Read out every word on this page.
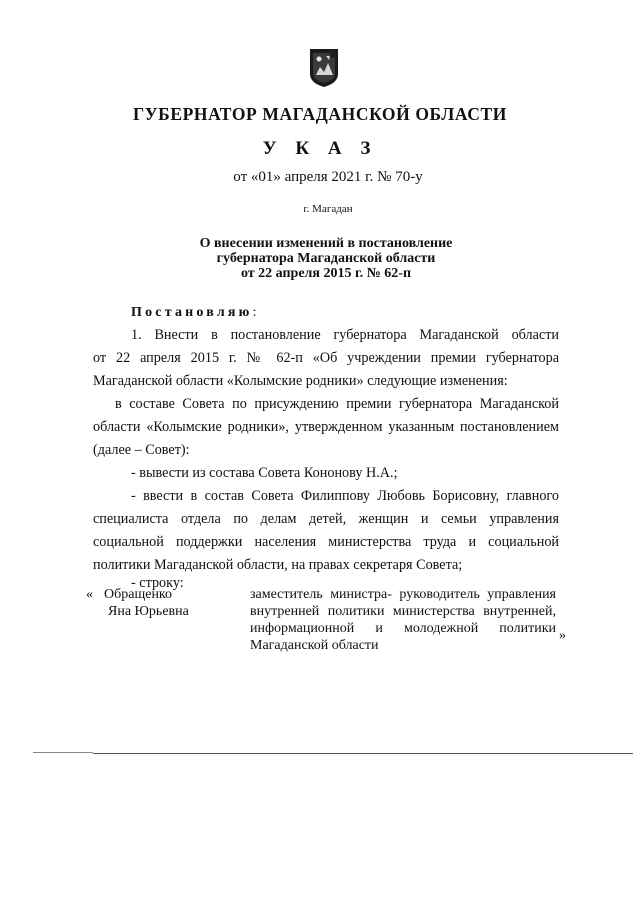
ГУБЕРНАТОР МАГАДАНСКОЙ ОБЛАСТИ
У К А З
от «01» апреля 2021 г. № 70-у
г. Магадан
О внесении изменений в постановление
губернатора Магаданской области
от 22 апреля 2015 г. № 62-п
Постановляю:

1. Внести в постановление губернатора Магаданской области

от 22 апреля 2015 г. № 62-п «Об учреждении премии губернатора

Магаданской области «Колымские родники» следующие изменения:

в составе Совета по присуждению премии губернатора Магаданской

области «Колымские родники», утвержденном указанным постановлением

(далее – Совет):

- вывести из состава Совета Кононову Н.А.;

- ввести в состав Совета Филиппову Любовь Борисовну, главного

специалиста отдела по делам детей, женщин и семьи управления

социальной поддержки населения министерства труда и социальной

политики Магаданской области, на правах секретаря Совета;

- строку:

« Обращенко
Яна Юрьевна
заместитель министра- руководитель управления
внутренней политики министерства внутренней,
информационной и молодежной политики
Магаданской области
»
